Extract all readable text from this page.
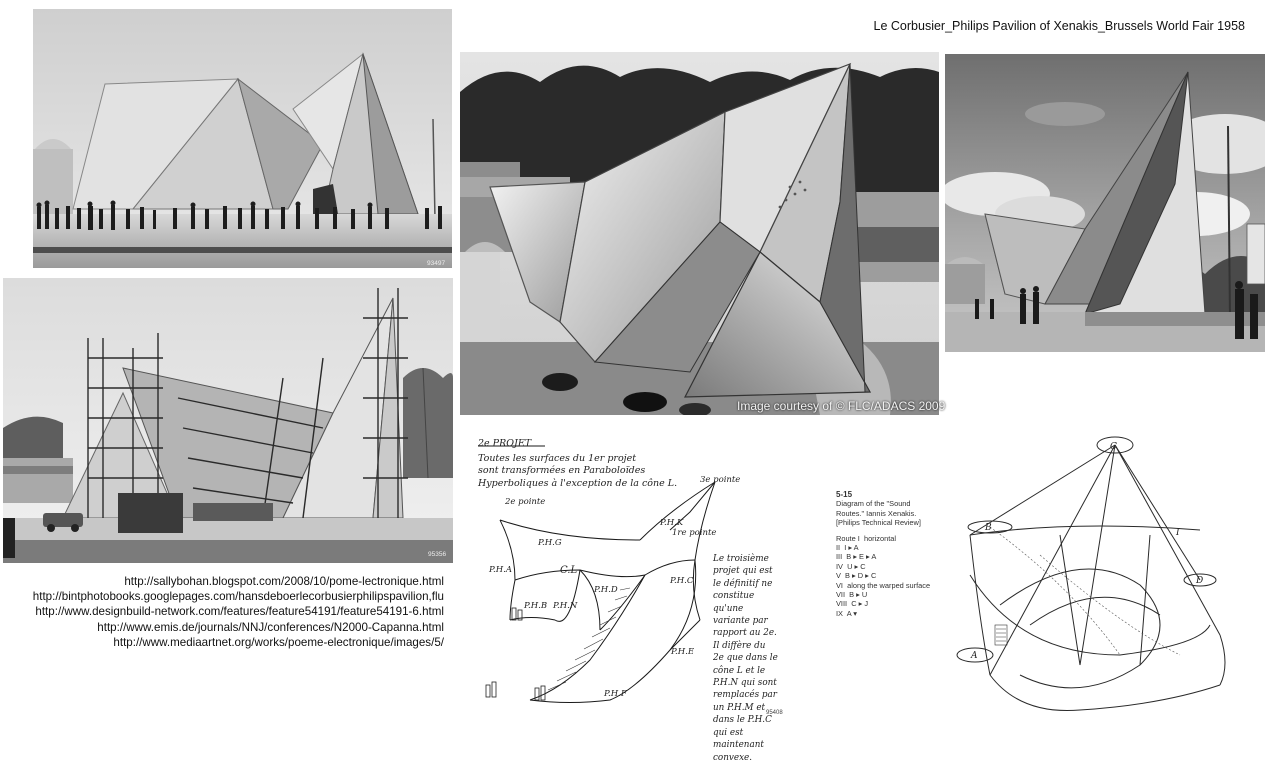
Le Corbusier_Philips Pavilion of Xenakis_Brussels World Fair 1958
93497
Image courtesy of © FLC/ADACS 2009
95356
http://sallybohan.blogspot.com/2008/10/pome-lectronique.html
http://bintphotobooks.googlepages.com/hansdeboerlecorbusierphilipspavilion,flu
http://www.designbuild-network.com/features/feature54191/feature54191-6.html
http://www.emis.de/journals/NNJ/conferences/N2000-Capanna.html
http://www.mediaartnet.org/works/poeme-electronique/images/5/
95408
2e PROJET
Toutes les surfaces du 1er projet
sont transformées en Paraboloïdes
Hyperboliques à l'exception de la cône L.	3e pointe
2e pointe
1re pointe
P.H.A
P.H.G
C.L
P.H.K
P.H.B P.H.N
P.H.D
P.H.C
P.H.E
P.H.F
Le troisième projet qui est le définitif ne constitue qu'une variante par rapport au 2e. Il diffère du 2e que dans le cône L et le P.H.N qui sont remplacés par un P.H.M et dans le P.H.C qui est maintenant convexe.
C
B
D
A
I
5-15
Diagram of the "Sound
Routes." Iannis Xenakis.
[Philips Technical Review]
Route I horizontal
II I ▸ A
III B ▸ E ▸ A
IV U ▸ C
V B ▸ D ▸ C
VI along the warped surface
VII B ▸ U
VIII C ▸ J
IX A ▾
